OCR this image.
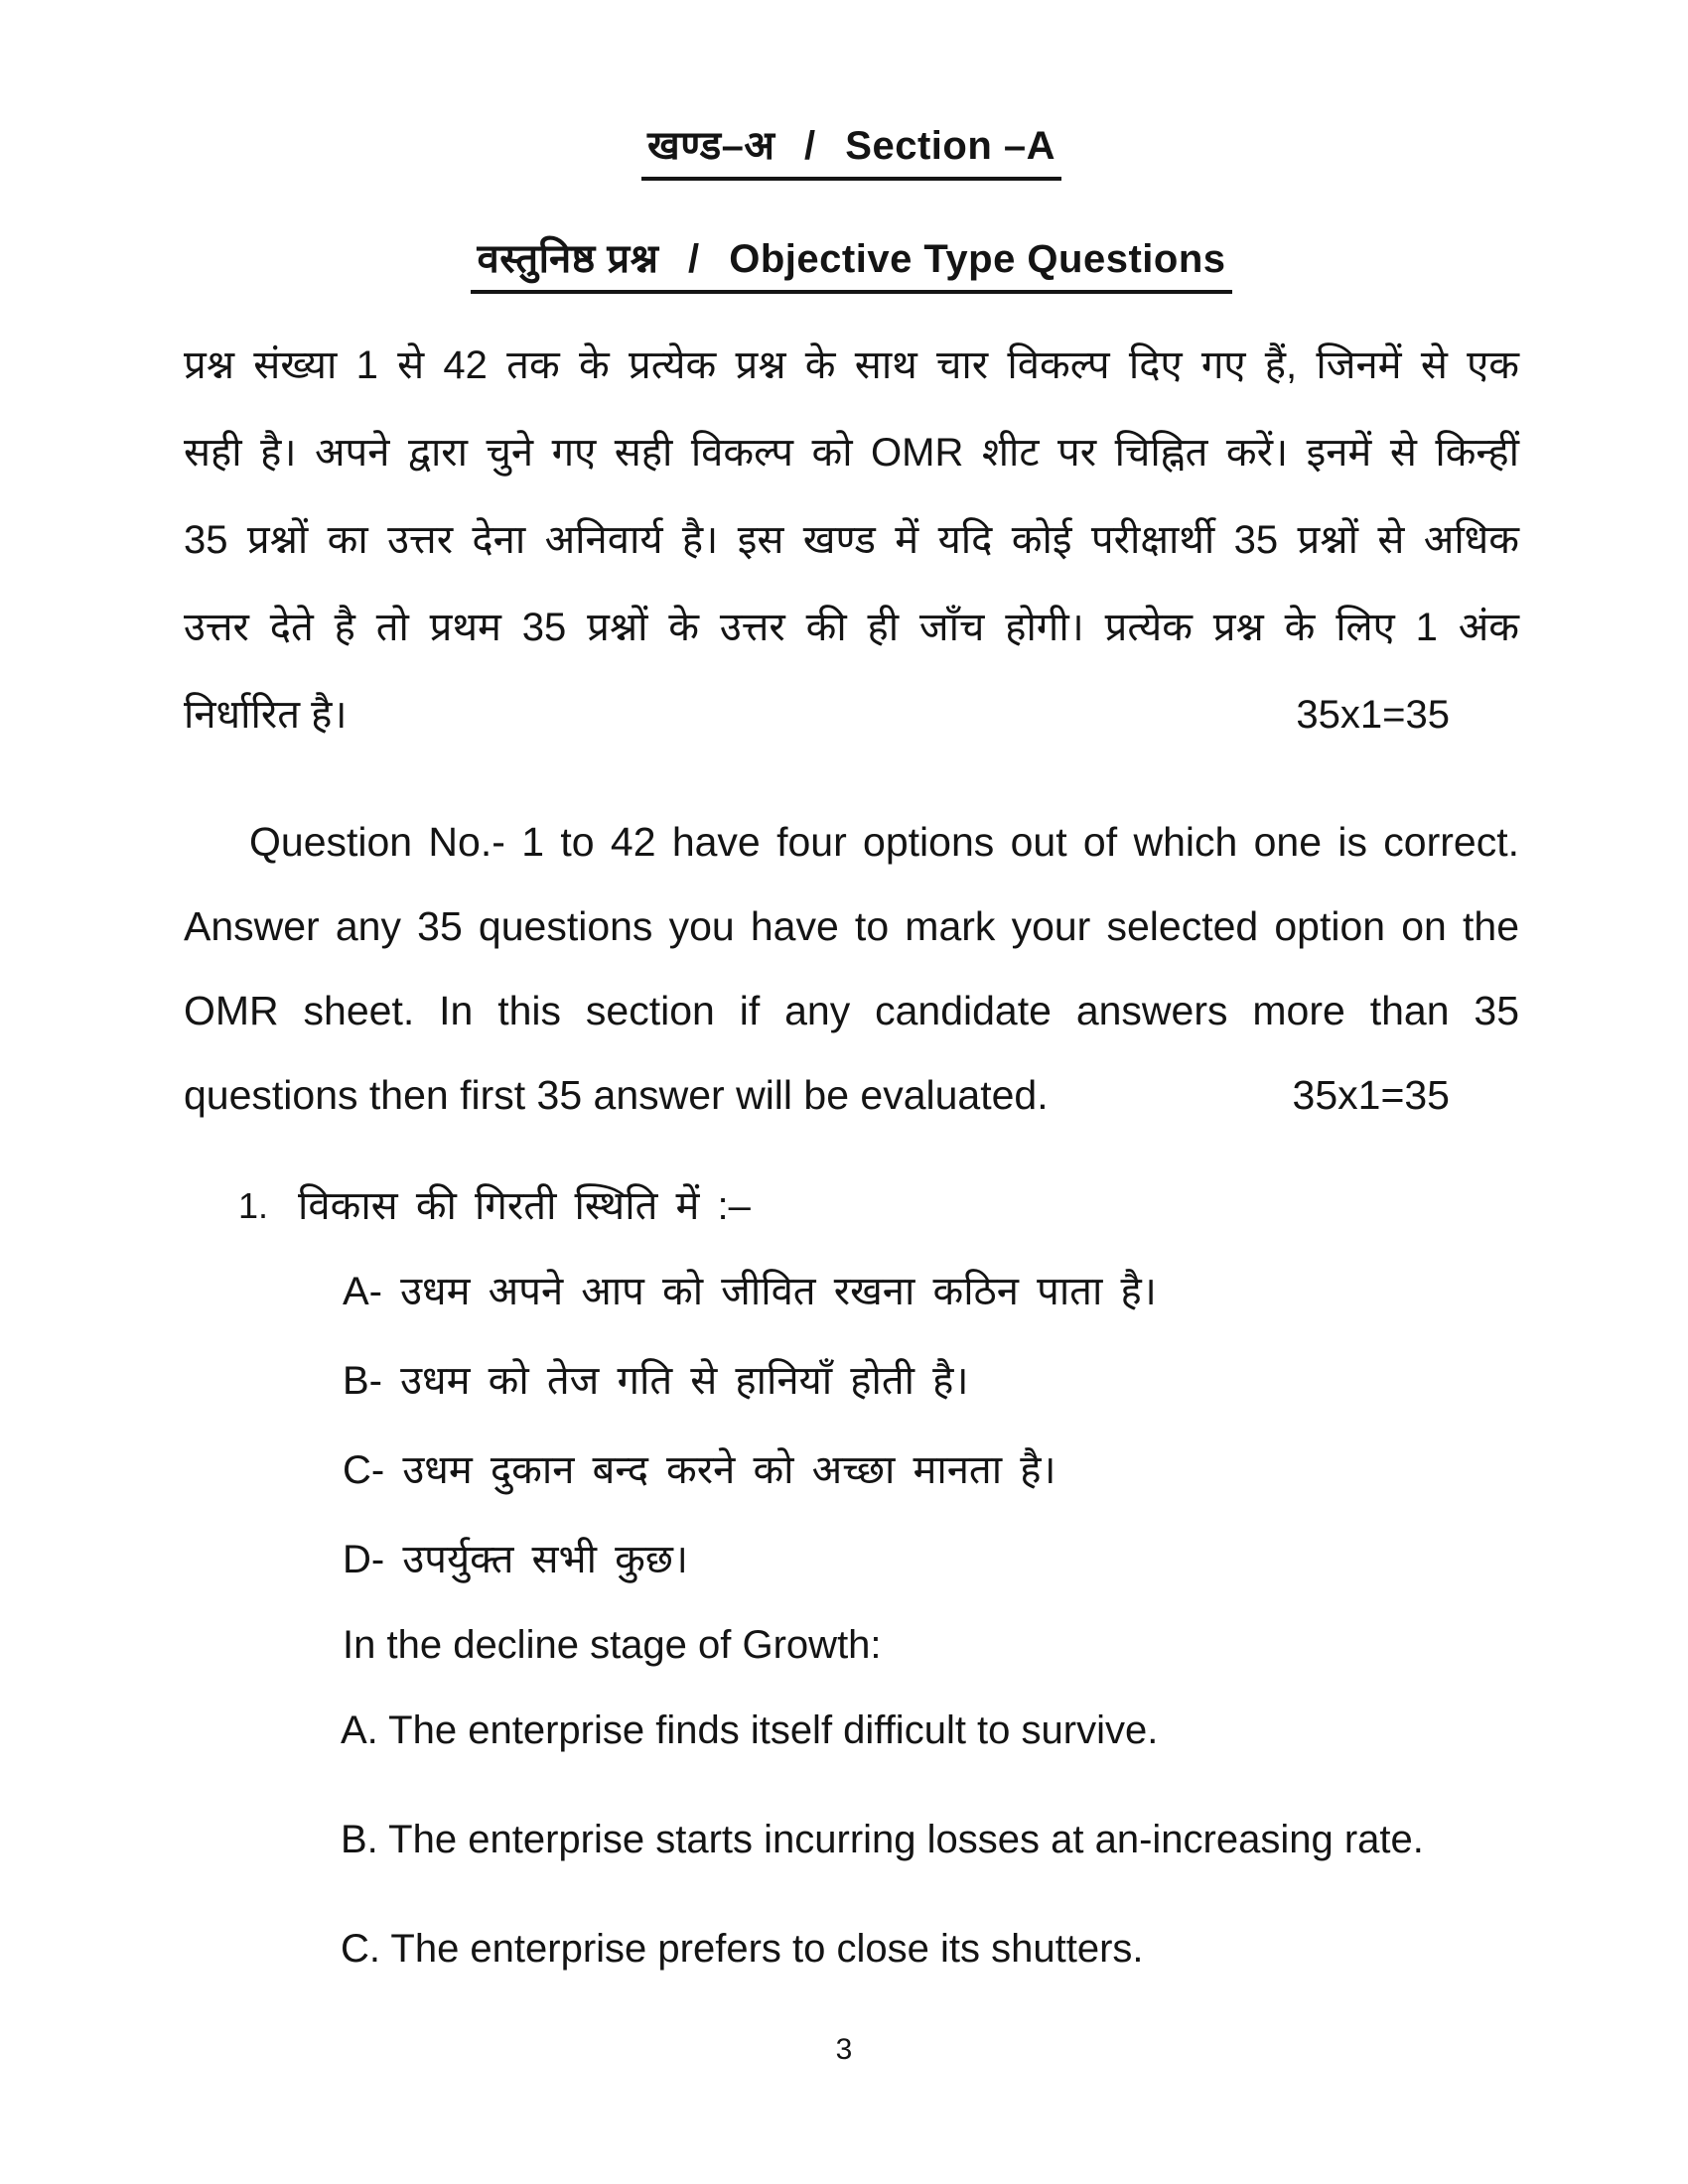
खण्ड–अ / Section –A
वस्तुनिष्ठ प्रश्न / Objective Type Questions
प्रश्न संख्या 1 से 42 तक के प्रत्येक प्रश्न के साथ चार विकल्प दिए गए हैं, जिनमें से एक
सही है। अपने द्वारा चुने गए सही विकल्प को OMR शीट पर चिह्नित करें। इनमें से किन्हीं
35 प्रश्नों का उत्तर देना अनिवार्य है। इस खण्ड में यदि कोई परीक्षार्थी 35 प्रश्नों से अधिक
उत्तर देते है तो प्रथम 35 प्रश्नों के उत्तर की ही जाँच होगी। प्रत्येक प्रश्न के लिए 1 अंक
निर्धारित है।	35x1=35
Question No.- 1 to 42 have four options out of which one is correct.
Answer any 35 questions you have to mark your selected option on the
OMR sheet. In this section if any candidate answers more than 35
questions then first 35 answer will be evaluated.	35x1=35
1. विकास की गिरती स्थिति में :–
A- उधम अपने आप को जीवित रखना कठिन पाता है।
B- उधम को तेज गति से हानियाँ होती है।
C- उधम दुकान बन्द करने को अच्छा मानता है।
D- उपर्युक्त सभी कुछ।
In the decline stage of Growth:
A. The enterprise finds itself difficult to survive.
B. The enterprise starts incurring losses at an-increasing rate.
C. The enterprise prefers to close its shutters.
3
